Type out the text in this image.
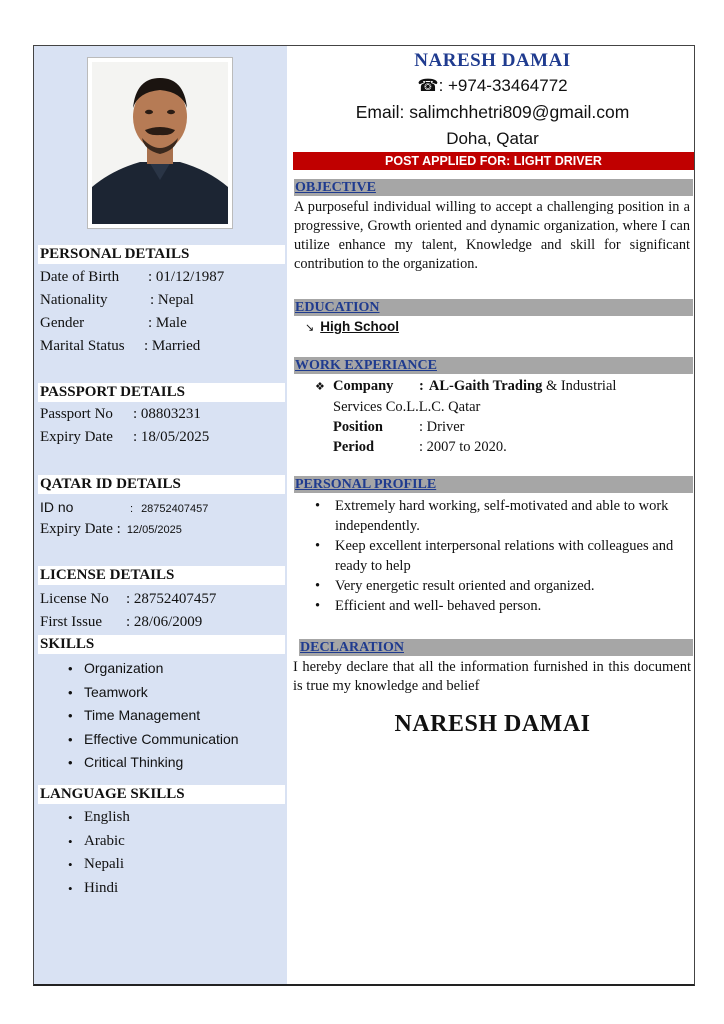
PERSONAL DETAILS
Date of Birth : 01/12/1987
Nationality	: Nepal
Gender	: Male
Marital Status : Married
PASSPORT DETAILS
Passport No : 08803231
Expiry Date : 18/05/2025
QATAR ID DETAILS
ID no	: 28752407457
Expiry Date : 12/05/2025
LICENSE DETAILS
License No : 28752407457
First Issue : 28/06/2009
SKILLS
• Organization
• Teamwork
• Time Management
• Effective Communication
• Critical Thinking
LANGUAGE SKILLS
• English
• Arabic
• Nepali
• Hindi
NARESH DAMAI
☎: +974-33464772
Email: salimchhetri809@gmail.com
Doha, Qatar
POST APPLIED FOR: LIGHT DRIVER
OBJECTIVE
A purposeful individual willing to accept a challenging position in a progressive, Growth oriented and dynamic organization, where I can utilize enhance my talent, Knowledge and skill for significant contribution to the organization.
EDUCATION
↘ High School
WORK EXPERIANCE
❖ Company : AL-Gaith Trading & Industrial
Services Co.L.L.C. Qatar
Position : Driver
Period	: 2007 to 2020.
PERSONAL PROFILE
• Extremely hard working, self-motivated and able to work independently.
• Keep excellent interpersonal relations with colleagues and ready to help
• Very energetic result oriented and organized.
• Efficient and well- behaved person.
DECLARATION
I hereby declare that all the information furnished in this document is true my knowledge and belief
NARESH DAMAI
